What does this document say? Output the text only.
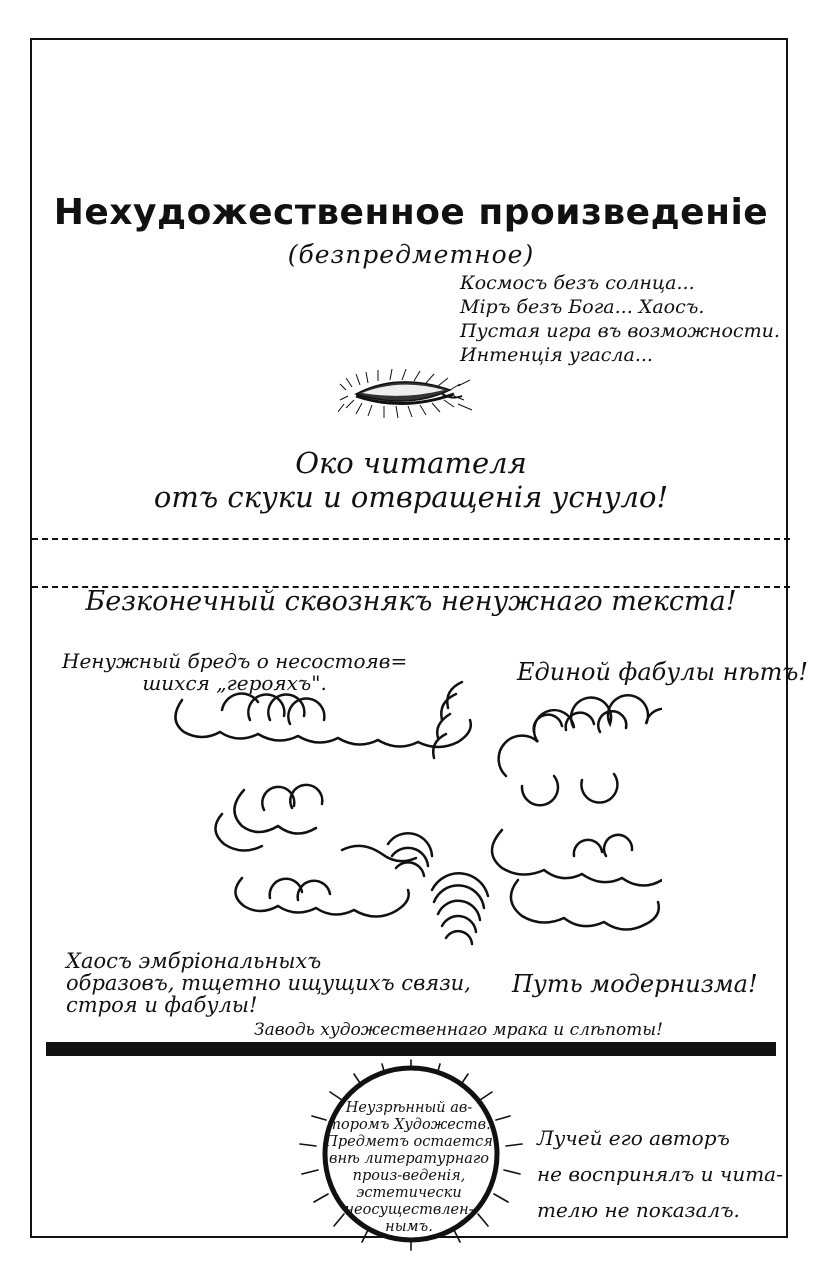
Нехудожественное произведенie
(безпредметное)
Космосъ безъ солнца...
Мiръ безъ Бога... Хаосъ.
Пустая игра въ возможности.
Интенцiя угасла...
Око читателя
отъ скуки и отвращенiя уснуло!
Безконечный сквознякъ ненужнаго текста!
Ненужный бредъ о несостояв=
шихся „герояхъ".	Единой фабулы нѣтъ!
Хаосъ эмбрiональныхъ
образовъ, тщетно ищущихъ связи,
строя и фабулы!
Путь модернизма!
Заводь художественнаго мрака и слѣпоты!
Неузрѣнный ав-торомъ Художеств. Предметъ остается внѣ литературнаго произ-веденiя, эстетически неосуществлен-нымъ.
Лучей его авторъ
не воспринялъ и чита-
телю не показалъ.
